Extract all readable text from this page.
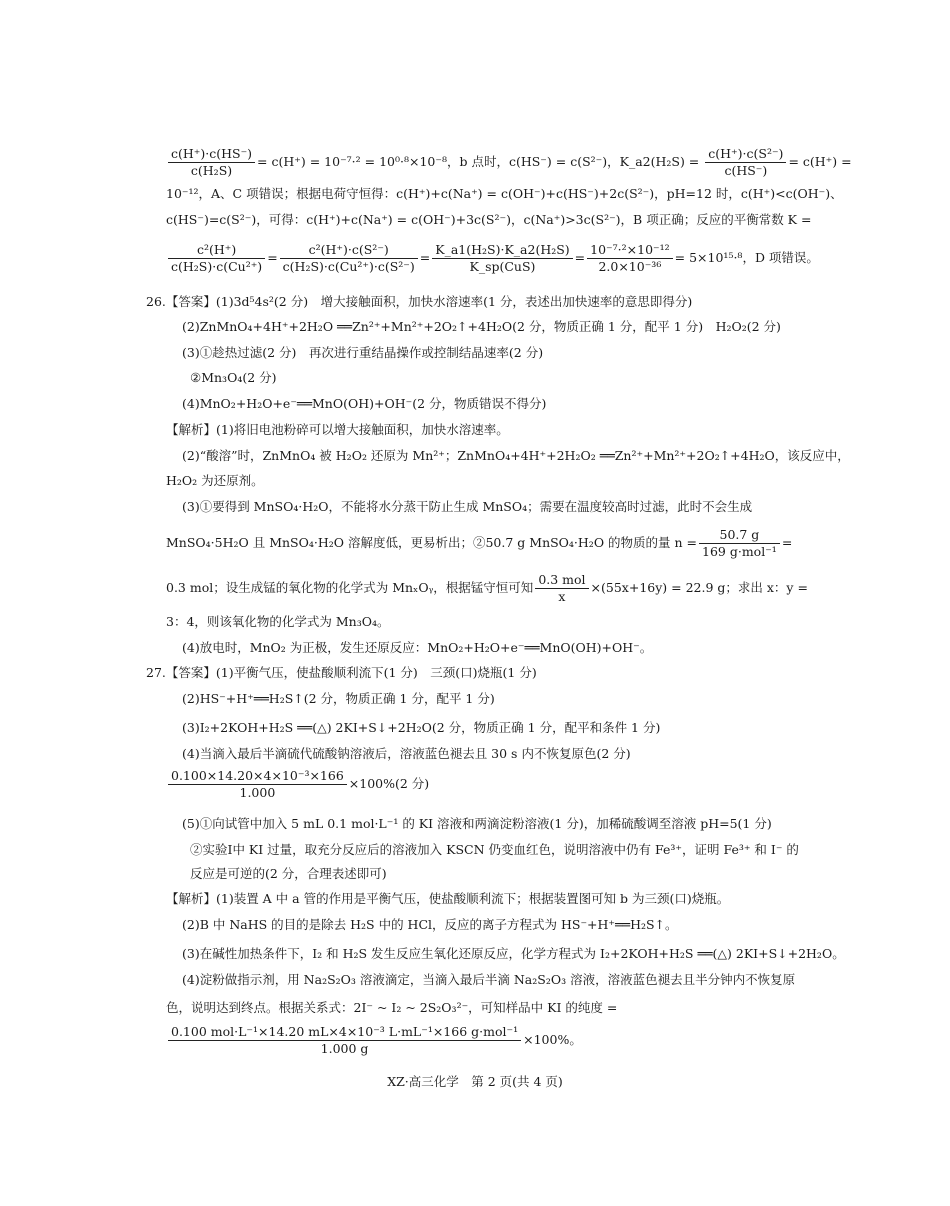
$\frac{c(H^+)\cdot c(HS^-)}{\text{c(H₂S)}} = c(H^+) = 10^{-7}\cdot^2 = 10^0\cdot^8\times 10^{-8}$，b 点时，c(HS⁻) = c(S²⁻)，K_a2(H₂S) = $\frac{\text{c(H⁺)·c(S²⁻)}}{c(HS^-)} = c(H^+)$ =
10⁻¹²，A、C 项错误；根据电荷守恒得：c(H⁺)+c(Na⁺) = c(OH⁻)+c(HS⁻)+2c(S²⁻)，pH=12 时，c(H⁺)<c(OH⁻)、
c(HS⁻)=c(S²⁻)，可得：c(H⁺)+c(Na⁺) = c(OH⁻)+3c(S²⁻)，c(Na⁺)>3c(S²⁻)，B 项正确；反应的平衡常数 K =
$\frac{\text{c²(H⁺)}}{\text{c(H₂S)·c(Cu²⁺)}} = \frac{\text{c²(H⁺)·c(S²⁻)}}{\text{c(H₂S)·c(Cu²⁺)·c(S²⁻)}} = \frac{\text{K\_a1(H₂S)·K\_a2(H₂S)}}{\text{K\_sp(CuS)}} = \frac{\text{10⁻⁷·²×10⁻¹²}}{\text{2.0×10⁻³⁶}} = 5\times 10^{15}\cdot^8$，D 项错误。
26.【答案】(1)3d⁵4s²(2 分)　增大接触面积，加快水溶速率(1 分，表述出加快速率的意思即得分)
(2)ZnMnO₄+4H⁺+2H₂O ══Zn²⁺+Mn²⁺+2O₂↑+4H₂O(2 分，物质正确 1 分，配平 1 分)　H₂O₂(2 分)
(3)①趁热过滤(2 分)　再次进行重结晶操作或控制结晶速率(2 分)
②Mn₃O₄(2 分)
(4)MnO₂+H₂O+e⁻══MnO(OH)+OH⁻(2 分，物质错误不得分)
【解析】(1)将旧电池粉碎可以增大接触面积，加快水溶速率。
(2)“酸溶”时，ZnMnO₄ 被 H₂O₂ 还原为 Mn²⁺；ZnMnO₄+4H⁺+2H₂O₂ ══Zn²⁺+Mn²⁺+2O₂↑+4H₂O，该反应中，
H₂O₂ 为还原剂。
(3)①要得到 MnSO₄·H₂O，不能将水分蒸干防止生成 MnSO₄；需要在温度较高时过滤，此时不会生成
MnSO₄·5H₂O 且 MnSO₄·H₂O 溶解度低，更易析出；②50.7 g MnSO₄·H₂O 的物质的量 $n = \frac{50.7 g}{\text{169 g·mol⁻¹}}$ =
0.3 mol；设生成锰的氧化物的化学式为 MnₓOᵧ，根据锰守恒可知 $\frac{\text{0.3 mol}}{x} \times(55x+16y) = 22.9$ g；求出 x：y =
3：4，则该氧化物的化学式为 Mn₃O₄。
(4)放电时，MnO₂ 为正极，发生还原反应：MnO₂+H₂O+e⁻══MnO(OH)+OH⁻。
27.【答案】(1)平衡气压，使盐酸顺利流下(1 分)　三颈(口)烧瓶(1 分)
(2)HS⁻+H⁺══H₂S↑(2 分，物质正确 1 分，配平 1 分)
(3)I₂+2KOH+H₂S ══(△) 2KI+S↓+2H₂O(2 分，物质正确 1 分，配平和条件 1 分)
(4)当滴入最后半滴硫代硫酸钠溶液后，溶液蓝色褪去且 30 s 内不恢复原色(2 分)
$\frac{\text{0.100×14.20×4×10⁻³×166}}{1.000} \times 100\%(2$ 分)
(5)①向试管中加入 5 mL 0.1 mol·L⁻¹ 的 KI 溶液和两滴淀粉溶液(1 分)，加稀硫酸调至溶液 pH=5(1 分)
②实验Ⅰ中 KI 过量，取充分反应后的溶液加入 KSCN 仍变血红色，说明溶液中仍有 Fe³⁺，证明 Fe³⁺ 和 I⁻ 的
反应是可逆的(2 分，合理表述即可)
【解析】(1)装置 A 中 a 管的作用是平衡气压，使盐酸顺利流下；根据装置图可知 b 为三颈(口)烧瓶。
(2)B 中 NaHS 的目的是除去 H₂S 中的 HCl，反应的离子方程式为 HS⁻+H⁺══H₂S↑。
(3)在碱性加热条件下，I₂ 和 H₂S 发生反应生氧化还原反应，化学方程式为 I₂+2KOH+H₂S ══(△) 2KI+S↓+2H₂O。
(4)淀粉做指示剂，用 Na₂S₂O₃ 溶液滴定，当滴入最后半滴 Na₂S₂O₃ 溶液，溶液蓝色褪去且半分钟内不恢复原
色，说明达到终点。根据关系式：2I⁻ ~ I₂ ~ 2S₂O₃²⁻，可知样品中 KI 的纯度 =
$\frac{\text{0.100 mol·L⁻¹×14.20 mL×4×10⁻³ L·mL⁻¹×166 g·mol⁻¹}}{1.000 g} \times 100\%$。
XZ·高三化学　第 2 页(共 4 页)
